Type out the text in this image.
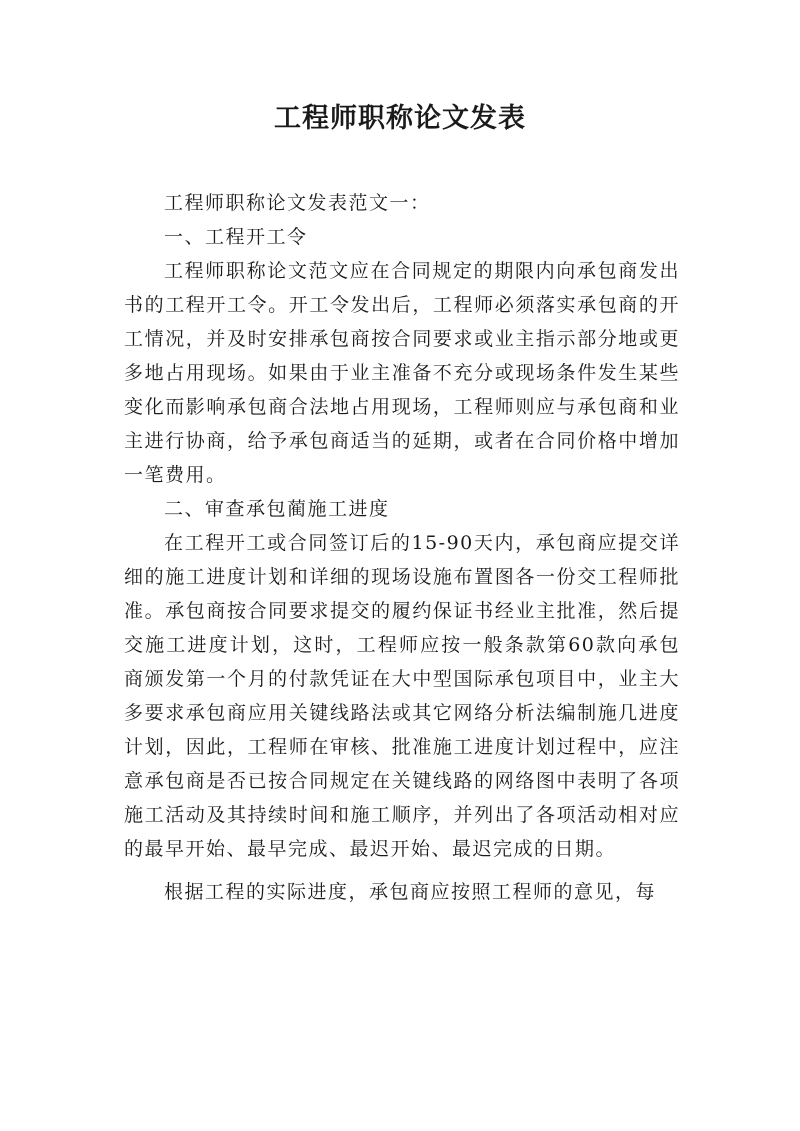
工程师职称论文发表

工程师职称论文发表范文一：

一、工程开工令

工程师职称论文范文应在合同规定的期限内向承包商发出书的工程开工令。开工令发出后，工程师必须落实承包商的开工情况，并及时安排承包商按合同要求或业主指示部分地或更多地占用现场。如果由于业主准备不充分或现场条件发生某些变化而影响承包商合法地占用现场，工程师则应与承包商和业主进行协商，给予承包商适当的延期，或者在合同价格中增加一笔费用。

二、审查承包蔺施工进度

在工程开工或合同签订后的15-90天内，承包商应提交详细的施工进度计划和详细的现场设施布置图各一份交工程师批准。承包商按合同要求提交的履约保证书经业主批准，然后提交施工进度计划，这时，工程师应按一般条款第60款向承包商颁发第一个月的付款凭证在大中型国际承包项目中，业主大多要求承包商应用关键线路法或其它网络分析法编制施几进度计划，因此，工程师在审核、批准施工进度计划过程中，应注意承包商是否已按合同规定在关键线路的网络图中表明了各项施工活动及其持续时间和施工顺序，并列出了各项活动相对应的最早开始、最早完成、最迟开始、最迟完成的日期。

根据工程的实际进度，承包商应按照工程师的意见，每
